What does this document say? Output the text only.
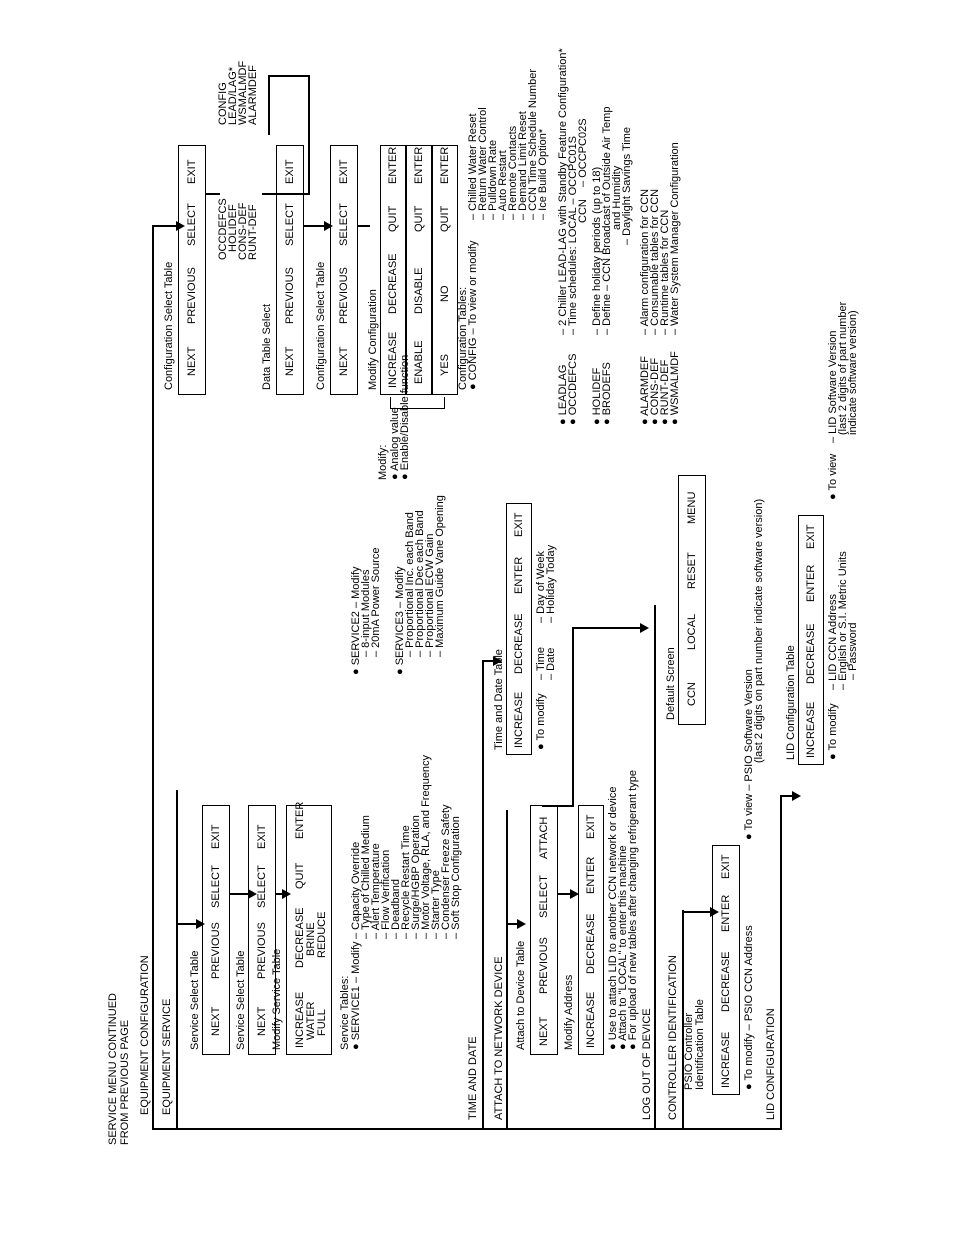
SERVICE MENU CONTINUED FROM PREVIOUS PAGE EQUIPMENT CONFIGURATION EQUIPMENT SERVICE Service Select Table NEXT
PREVIOUS
SELECT
EXIT
Service Select Table NEXT
PREVIOUS
SELECT
EXIT
Modify Service Table INCREASE
DECREASE
QUIT
ENTER
WATER
BRINE
FULL
REDUCE
Service Tables: ● SERVICE1 – Modify
– Capacity Override
– Type of Chilled Medium
– Alert Temperature
– Flow Verification
– Deadband
– Recycle Restart Time
– Surge/HGBP Operation
– Motor Voltage, RLA, and Frequency
– Starter Type
– Condenser Freeze Safety
– Soft Stop Configuration
● SERVICE2 – Modify
– 8-input Modules
– 20mA Power Source
● SERVICE3 – Modify
– Proportional Inc. each Band
– Proportional Dec each Band
– Proportional ECW Gain
– Maximum Guide Vane Opening
TIME AND DATE
Time and Date Table INCREASE
DECREASE
ENTER
EXIT
● To modify
– Time
– Date
– Day of Week
– Holiday Today
ATTACH TO NETWORK DEVICE Attach to Device Table NEXT
PREVIOUS
SELECT
ATTACH
Modify Address INCREASE
DECREASE
ENTER
EXIT
● Use to attach LID to another CCN network or device
● Attach to "LOCAL" to enter this machine
● For upload of new tables after changing refrigerant type
LOG OUT OF DEVICE
Default Screen CCN
LOCAL
RESET
MENU
CONTROLLER IDENTIFICATION PSIO Controller Identification Table INCREASE
DECREASE
ENTER
EXIT
● To modify – PSIO CCN Address
● To view – PSIO Software Version
(last 2 digits on part number indicate software version)
LID CONFIGURATION
LID Configuration Table INCREASE
DECREASE
ENTER
EXIT
● To modify
– LID CCN Address
– English or S.I. Metric Units
– Password
● To view
– LID Software Version
(last 2 digits of part number
indicate software version)
Configuration Select Table NEXT
PREVIOUS
SELECT
EXIT
OCCDEFCS
HOLIDEF
CONS-DEF
RUNT-DEF
CONFIG
LEAD/LAG*
WSMALMDF
ALARMDEF
Data Table Select NEXT
PREVIOUS
SELECT
EXIT
Configuration Select Table NEXT
PREVIOUS
SELECT
EXIT
Modify Configuration INCREASE
DECREASE
QUIT
ENTER
ENABLE
DISABLE
QUIT
ENTER
YES
NO
QUIT
ENTER
Modify: ● Analog value
● Enable/Disable function
Configuration Tables:
● CONFIG – To view or modify
– Chilled Water Reset
– Return Water Control
– Pulldown Rate
– Auto Restart
– Remote Contacts
– Demand Limit Reset
– CCN Time Schedule Number
– Ice Build Option*
● LEADLAG
– 2 Chiller LEAD-LAG with Standby Feature Configuration*
● OCCDEFCS
– Time schedules: LOCAL – OCCPC01S
CCN    – OCCPC02S
● HOLIDEF
– Define holiday periods (up to 18)
● BRODEFS
– Define – CCN Broadcast of Outside Air Temp
and Humidity
– Daylight Savings Time
● ALARMDEF
– Alarm configuration for CCN
● CONS-DEF
– Consumable tables for CCN
● RUNT-DEF
– Runtime tables for CCN
● WSMALMDF
– Water System Manager Configuration
